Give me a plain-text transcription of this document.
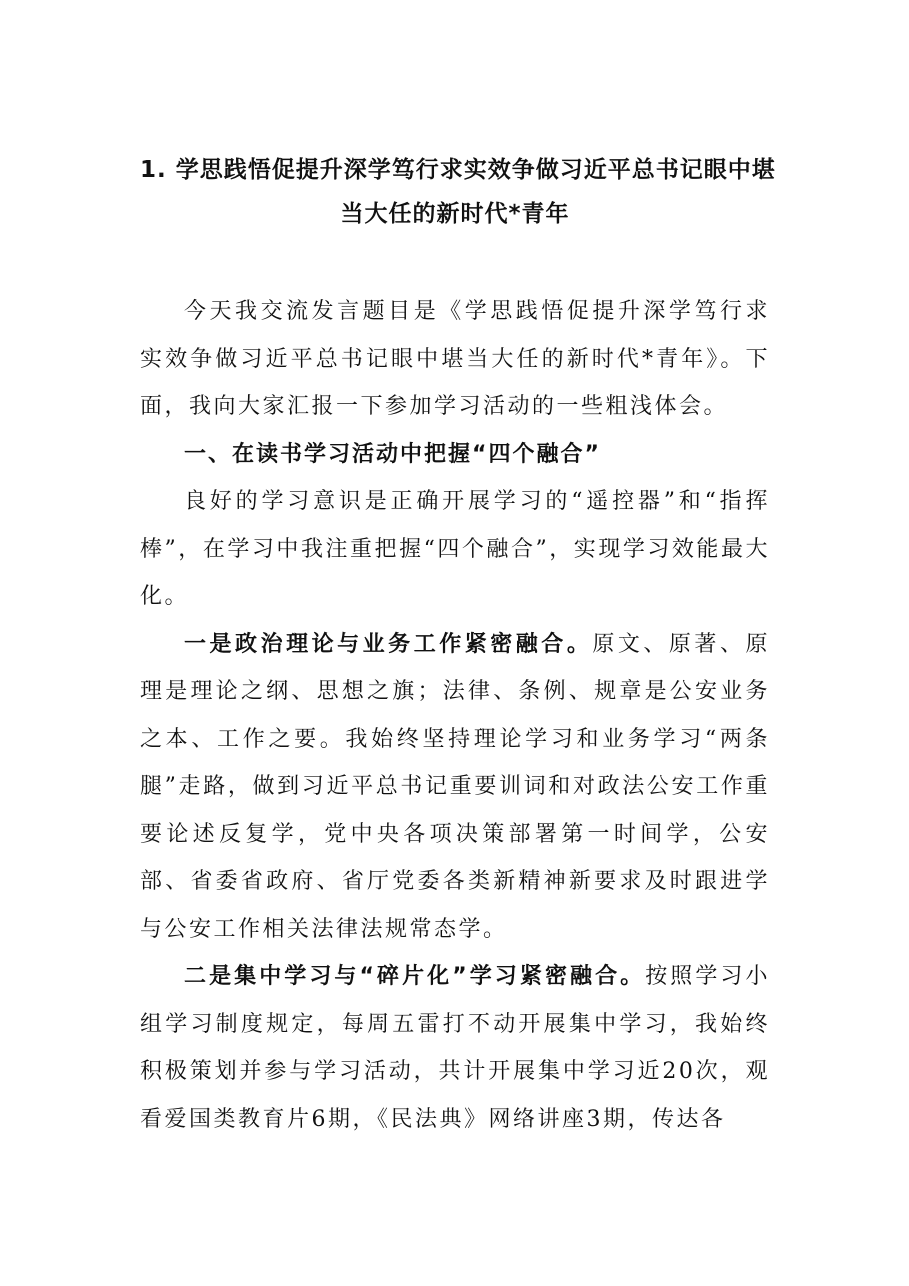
1. 学思践悟促提升深学笃行求实效争做习近平总书记眼中堪
当大任的新时代*青年

今天我交流发言题目是《学思践悟促提升深学笃行求实效争做习近平总书记眼中堪当大任的新时代*青年》。下面，我向大家汇报一下参加学习活动的一些粗浅体会。

一、在读书学习活动中把握“四个融合”

良好的学习意识是正确开展学习的“遥控器”和“指挥棒”，在学习中我注重把握“四个融合”，实现学习效能最大化。

一是政治理论与业务工作紧密融合。原文、原著、原理是理论之纲、思想之旗；法律、条例、规章是公安业务之本、工作之要。我始终坚持理论学习和业务学习“两条腿”走路，做到习近平总书记重要训词和对政法公安工作重要论述反复学，党中央各项决策部署第一时间学，公安部、省委省政府、省厅党委各类新精神新要求及时跟进学与公安工作相关法律法规常态学。

二是集中学习与“碎片化”学习紧密融合。按照学习小组学习制度规定，每周五雷打不动开展集中学习，我始终积极策划并参与学习活动，共计开展集中学习近20次，观看爱国类教育片6期，《民法典》网络讲座3期，传达各
